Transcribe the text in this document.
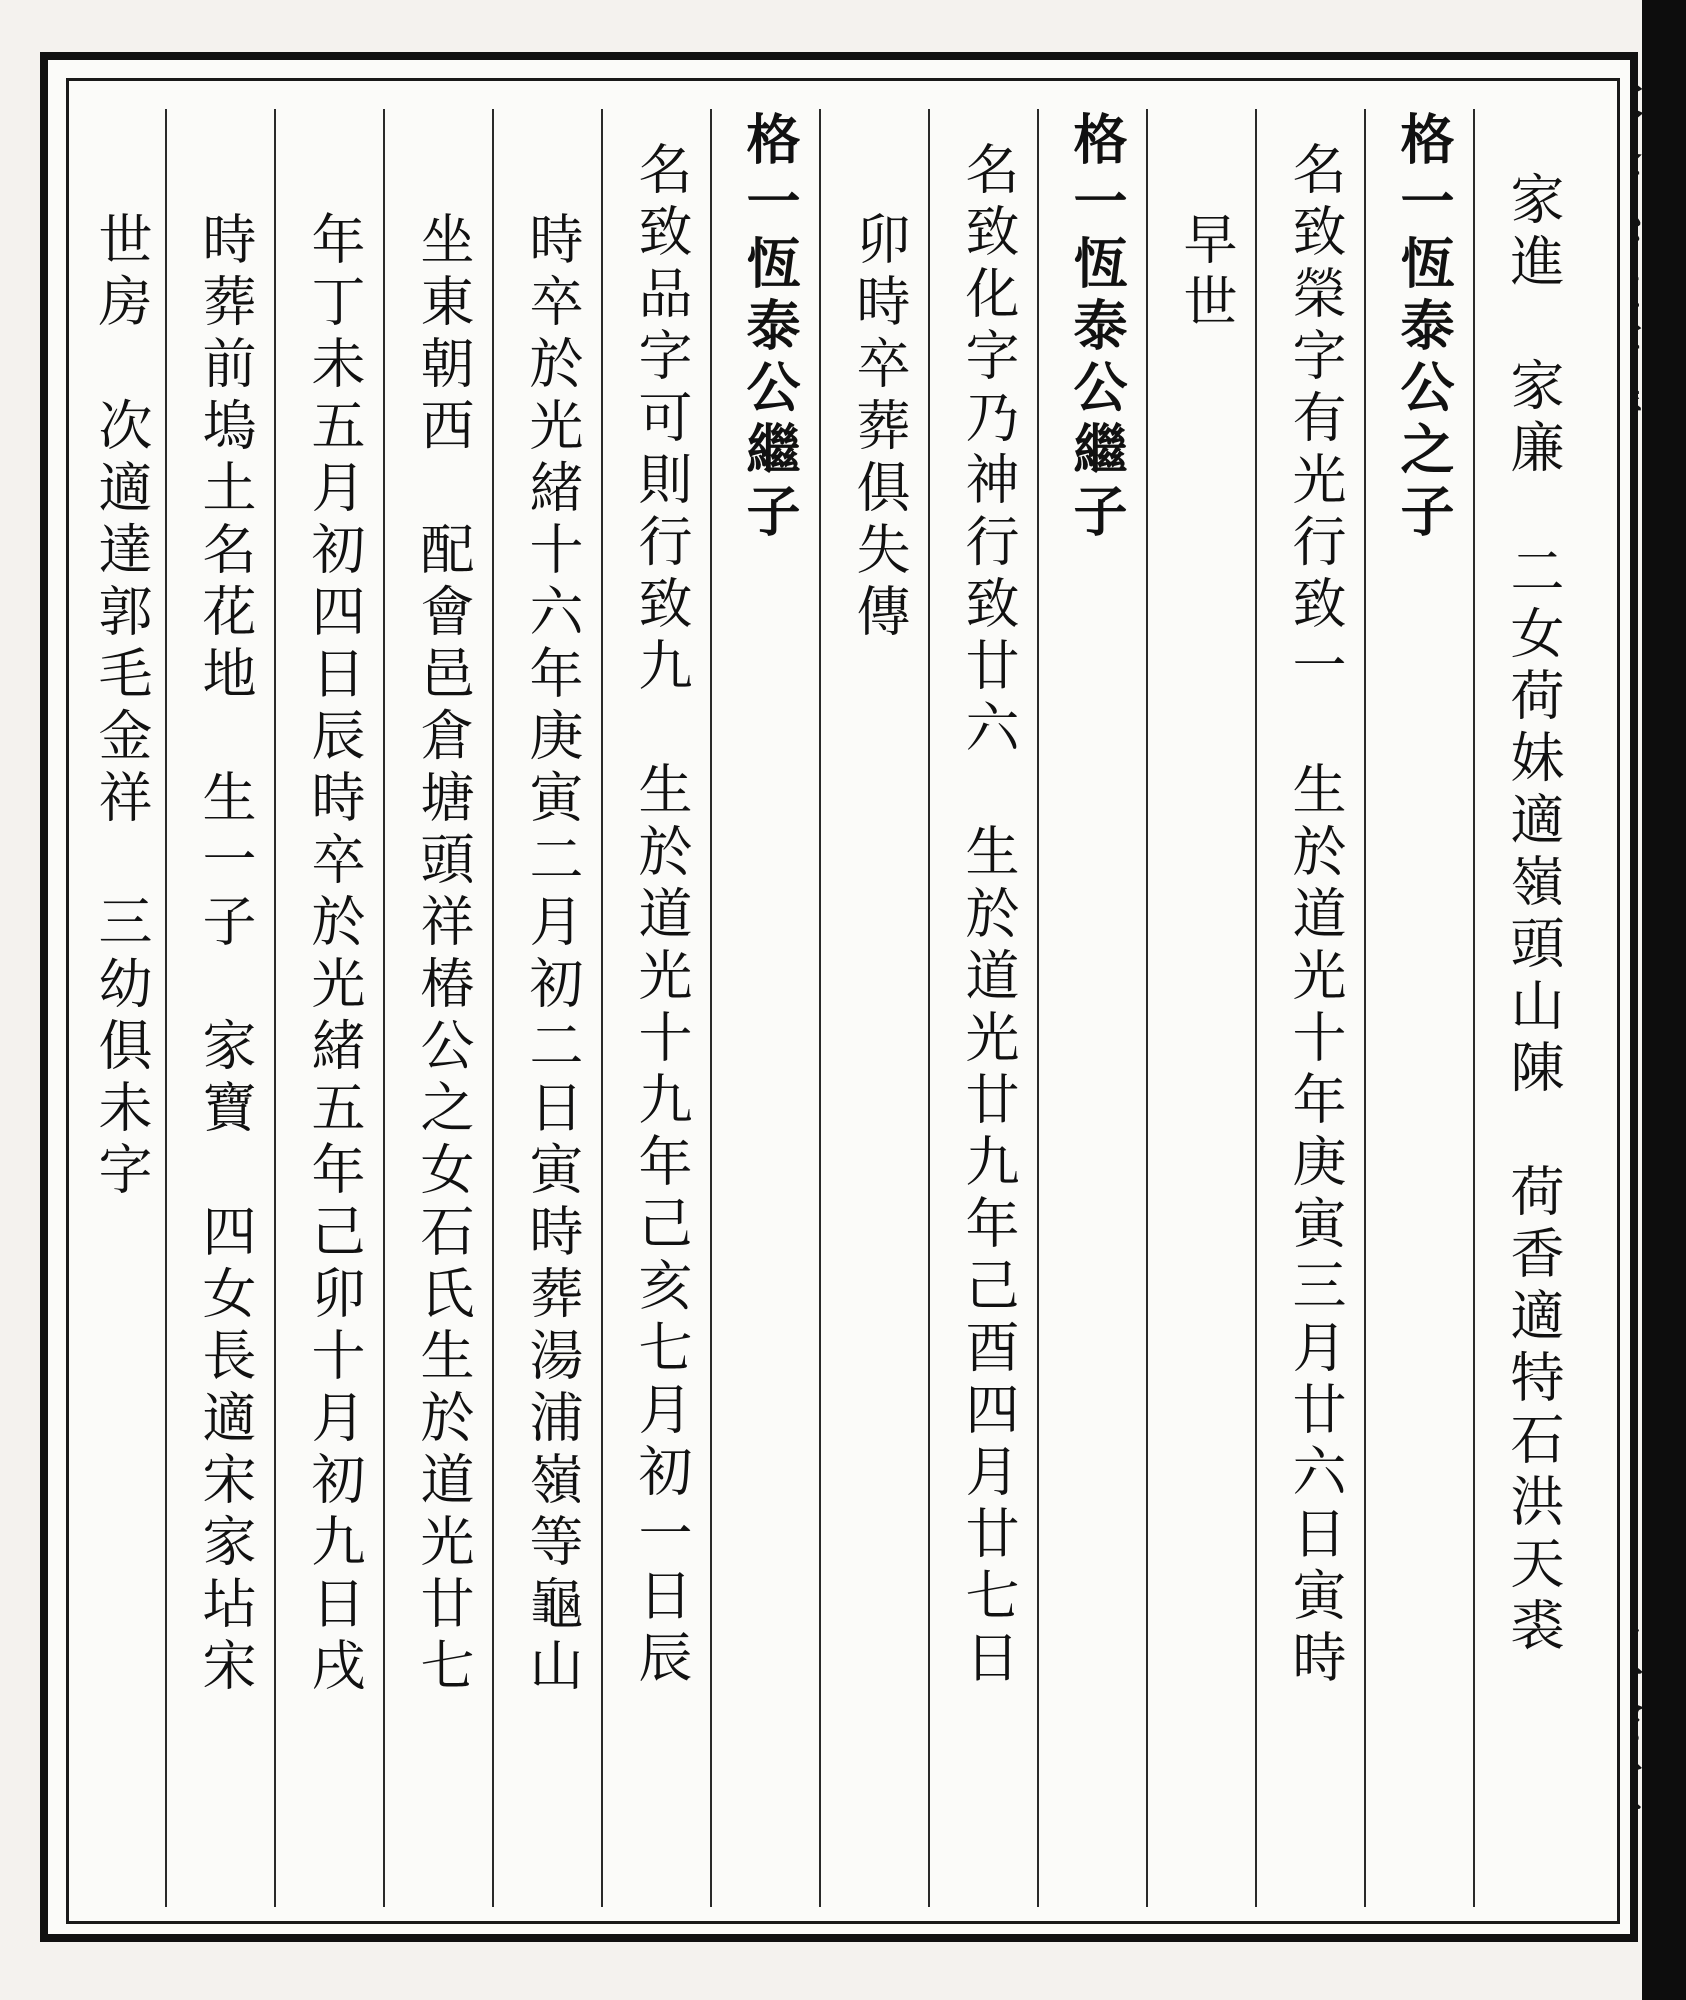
家進　家廉　二女荷妹適嶺頭山陳　荷香適特石洪天裘
格一恆泰公之子
名致榮字有光行致一　生於道光十年庚寅三月廿六日寅時
早世
格一恆泰公繼子
名致化字乃神行致廿六　生於道光廿九年己酉四月廿七日
卯時卒葬俱失傳
格一恆泰公繼子
名致品字可則行致九　生於道光十九年己亥七月初一日辰
時卒於光緒十六年庚寅二月初二日寅時葬湯浦嶺等龜山
坐東朝西　配會邑倉塘頭祥椿公之女石氏生於道光廿七
年丁未五月初四日辰時卒於光緒五年己卯十月初九日戌
時葬前塢土名花地　生一子　家寶　四女長適宋家坫宋
世房　次適達郭毛金祥　三幼俱未字
